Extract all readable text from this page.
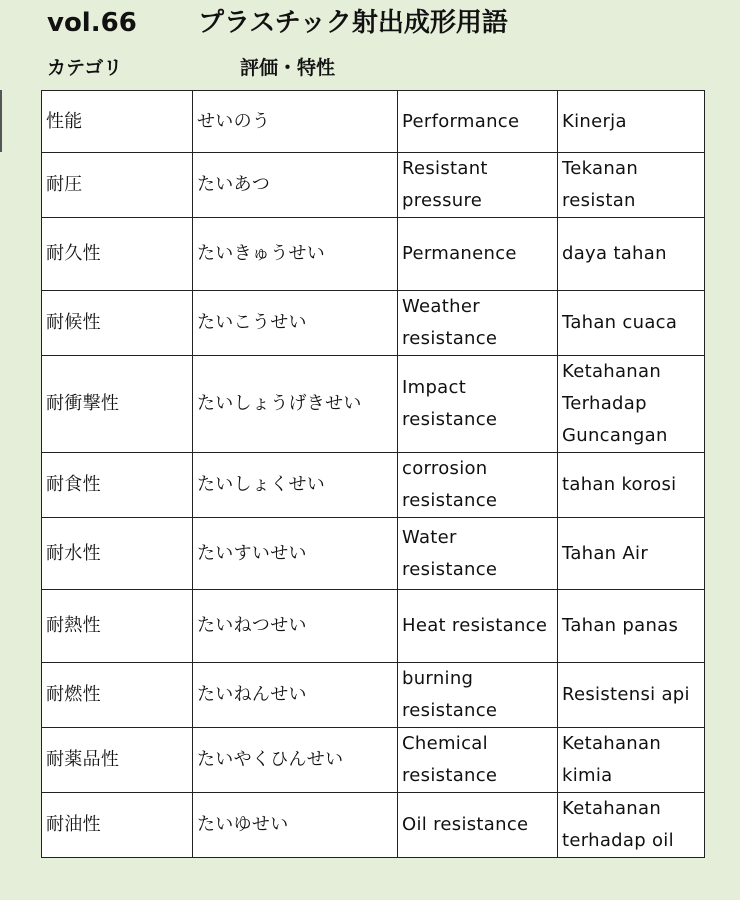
vol.66 プラスチック射出成形用語
カテゴリ	評価・特性
性能	せいのう	Performance	Kinerja
耐圧	たいあつ	Resistant pressure	Tekanan resistan
耐久性	たいきゅうせい	Permanence	daya tahan
耐候性	たいこうせい	Weather resistance	Tahan cuaca
耐衝撃性	たいしょうげきせい	Impact resistance	Ketahanan Terhadap Guncangan
耐食性	たいしょくせい	corrosion resistance	tahan korosi
耐水性	たいすいせい	Water resistance	Tahan Air
耐熱性	たいねつせい	Heat resistance	Tahan panas
耐燃性	たいねんせい	burning resistance	Resistensi api
耐薬品性	たいやくひんせい	Chemical resistance	Ketahanan kimia
耐油性	たいゆせい	Oil resistance	Ketahanan terhadap oil
